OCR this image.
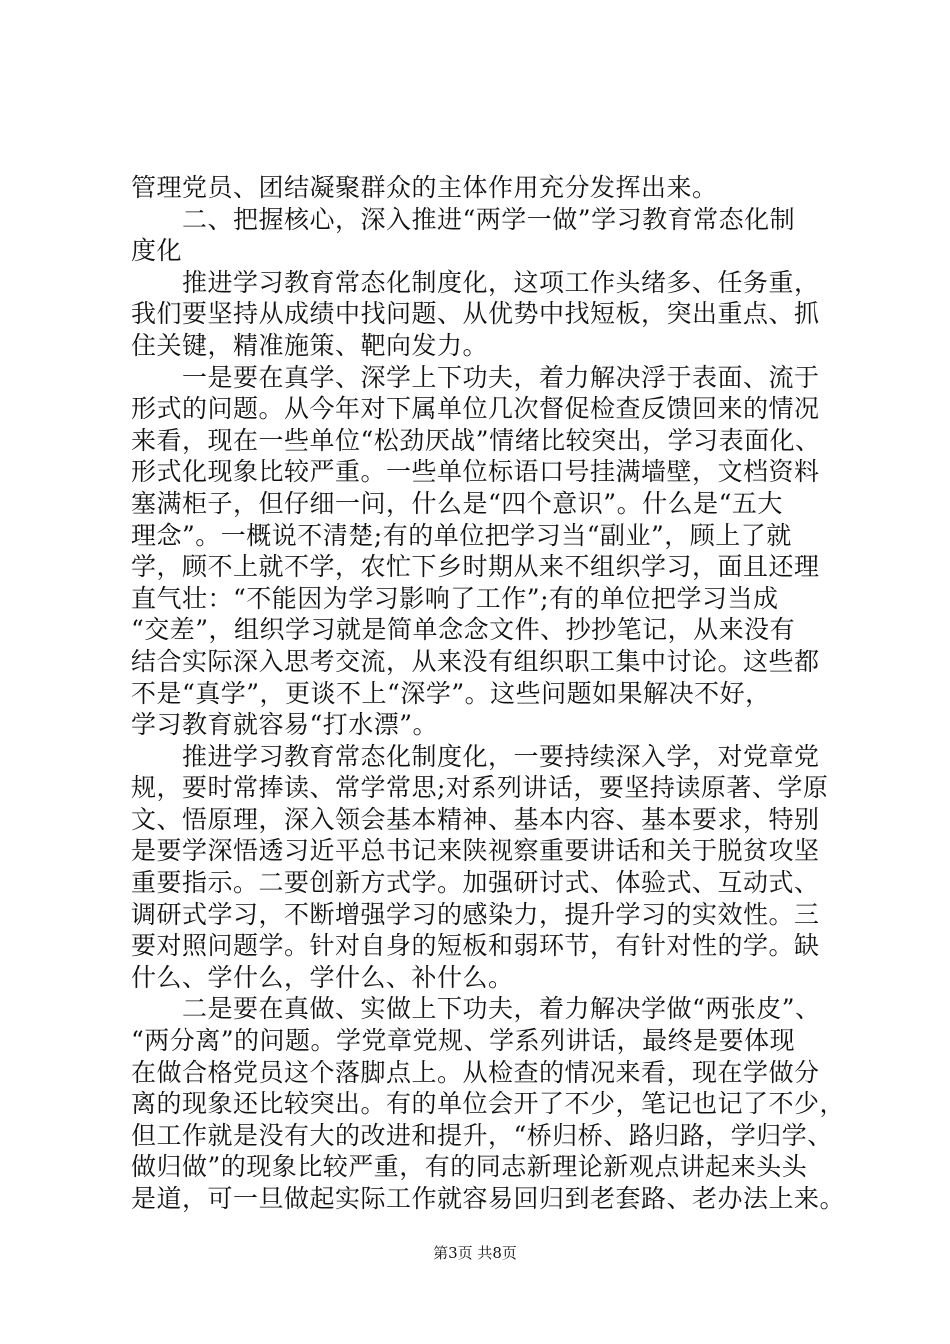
管理党员、团结凝聚群众的主体作用充分发挥出来。
　　二、把握核心，深入推进“两学一做”学习教育常态化制
度化
　　推进学习教育常态化制度化，这项工作头绪多、任务重，
我们要坚持从成绩中找问题、从优势中找短板，突出重点、抓
住关键，精准施策、靶向发力。
　　一是要在真学、深学上下功夫，着力解决浮于表面、流于
形式的问题。从今年对下属单位几次督促检查反馈回来的情况
来看，现在一些单位“松劲厌战”情绪比较突出，学习表面化、
形式化现象比较严重。一些单位标语口号挂满墙壁，文档资料
塞满柜子，但仔细一问，什么是“四个意识”。什么是“五大
理念”。一概说不清楚;有的单位把学习当“副业”，顾上了就
学，顾不上就不学，农忙下乡时期从来不组织学习，面且还理
直气壮：“不能因为学习影响了工作”;有的单位把学习当成
“交差”，组织学习就是简单念念文件、抄抄笔记，从来没有
结合实际深入思考交流，从来没有组织职工集中讨论。这些都
不是“真学”，更谈不上“深学”。这些问题如果解决不好，
学习教育就容易“打水漂”。
　　推进学习教育常态化制度化，一要持续深入学，对党章党
规，要时常捧读、常学常思;对系列讲话，要坚持读原著、学原
文、悟原理，深入领会基本精神、基本内容、基本要求，特别
是要学深悟透习近平总书记来陕视察重要讲话和关于脱贫攻坚
重要指示。二要创新方式学。加强研讨式、体验式、互动式、
调研式学习，不断增强学习的感染力，提升学习的实效性。三
要对照问题学。针对自身的短板和弱环节，有针对性的学。缺
什么、学什么，学什么、补什么。
　　二是要在真做、实做上下功夫，着力解决学做“两张皮”、
“两分离”的问题。学党章党规、学系列讲话，最终是要体现
在做合格党员这个落脚点上。从检查的情况来看，现在学做分
离的现象还比较突出。有的单位会开了不少，笔记也记了不少，
但工作就是没有大的改进和提升，“桥归桥、路归路，学归学、
做归做”的现象比较严重，有的同志新理论新观点讲起来头头
是道，可一旦做起实际工作就容易回归到老套路、老办法上来。
第3页 共8页
